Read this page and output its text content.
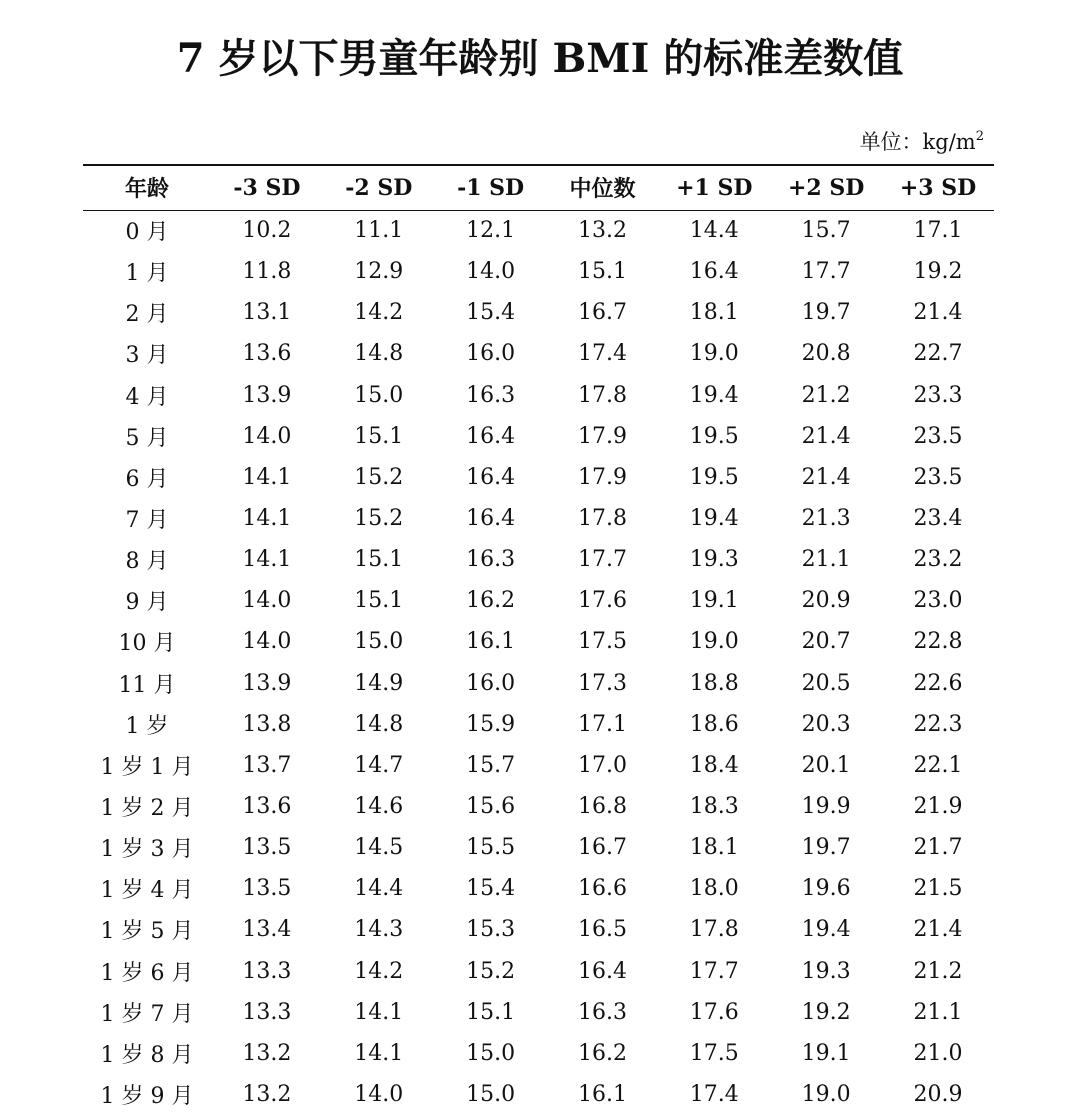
7 岁以下男童年龄别 BMI 的标准差数值
单位：$kg/m^2$
年龄	-3 SD	-2 SD	-1 SD	中位数	+1 SD	+2 SD	+3 SD
0 月	10.2	11.1	12.1	13.2	14.4	15.7	17.1
1 月	11.8	12.9	14.0	15.1	16.4	17.7	19.2
2 月	13.1	14.2	15.4	16.7	18.1	19.7	21.4
3 月	13.6	14.8	16.0	17.4	19.0	20.8	22.7
4 月	13.9	15.0	16.3	17.8	19.4	21.2	23.3
5 月	14.0	15.1	16.4	17.9	19.5	21.4	23.5
6 月	14.1	15.2	16.4	17.9	19.5	21.4	23.5
7 月	14.1	15.2	16.4	17.8	19.4	21.3	23.4
8 月	14.1	15.1	16.3	17.7	19.3	21.1	23.2
9 月	14.0	15.1	16.2	17.6	19.1	20.9	23.0
10 月	14.0	15.0	16.1	17.5	19.0	20.7	22.8
11 月	13.9	14.9	16.0	17.3	18.8	20.5	22.6
1 岁	13.8	14.8	15.9	17.1	18.6	20.3	22.3
1 岁 1 月	13.7	14.7	15.7	17.0	18.4	20.1	22.1
1 岁 2 月	13.6	14.6	15.6	16.8	18.3	19.9	21.9
1 岁 3 月	13.5	14.5	15.5	16.7	18.1	19.7	21.7
1 岁 4 月	13.5	14.4	15.4	16.6	18.0	19.6	21.5
1 岁 5 月	13.4	14.3	15.3	16.5	17.8	19.4	21.4
1 岁 6 月	13.3	14.2	15.2	16.4	17.7	19.3	21.2
1 岁 7 月	13.3	14.1	15.1	16.3	17.6	19.2	21.1
1 岁 8 月	13.2	14.1	15.0	16.2	17.5	19.1	21.0
1 岁 9 月	13.2	14.0	15.0	16.1	17.4	19.0	20.9
